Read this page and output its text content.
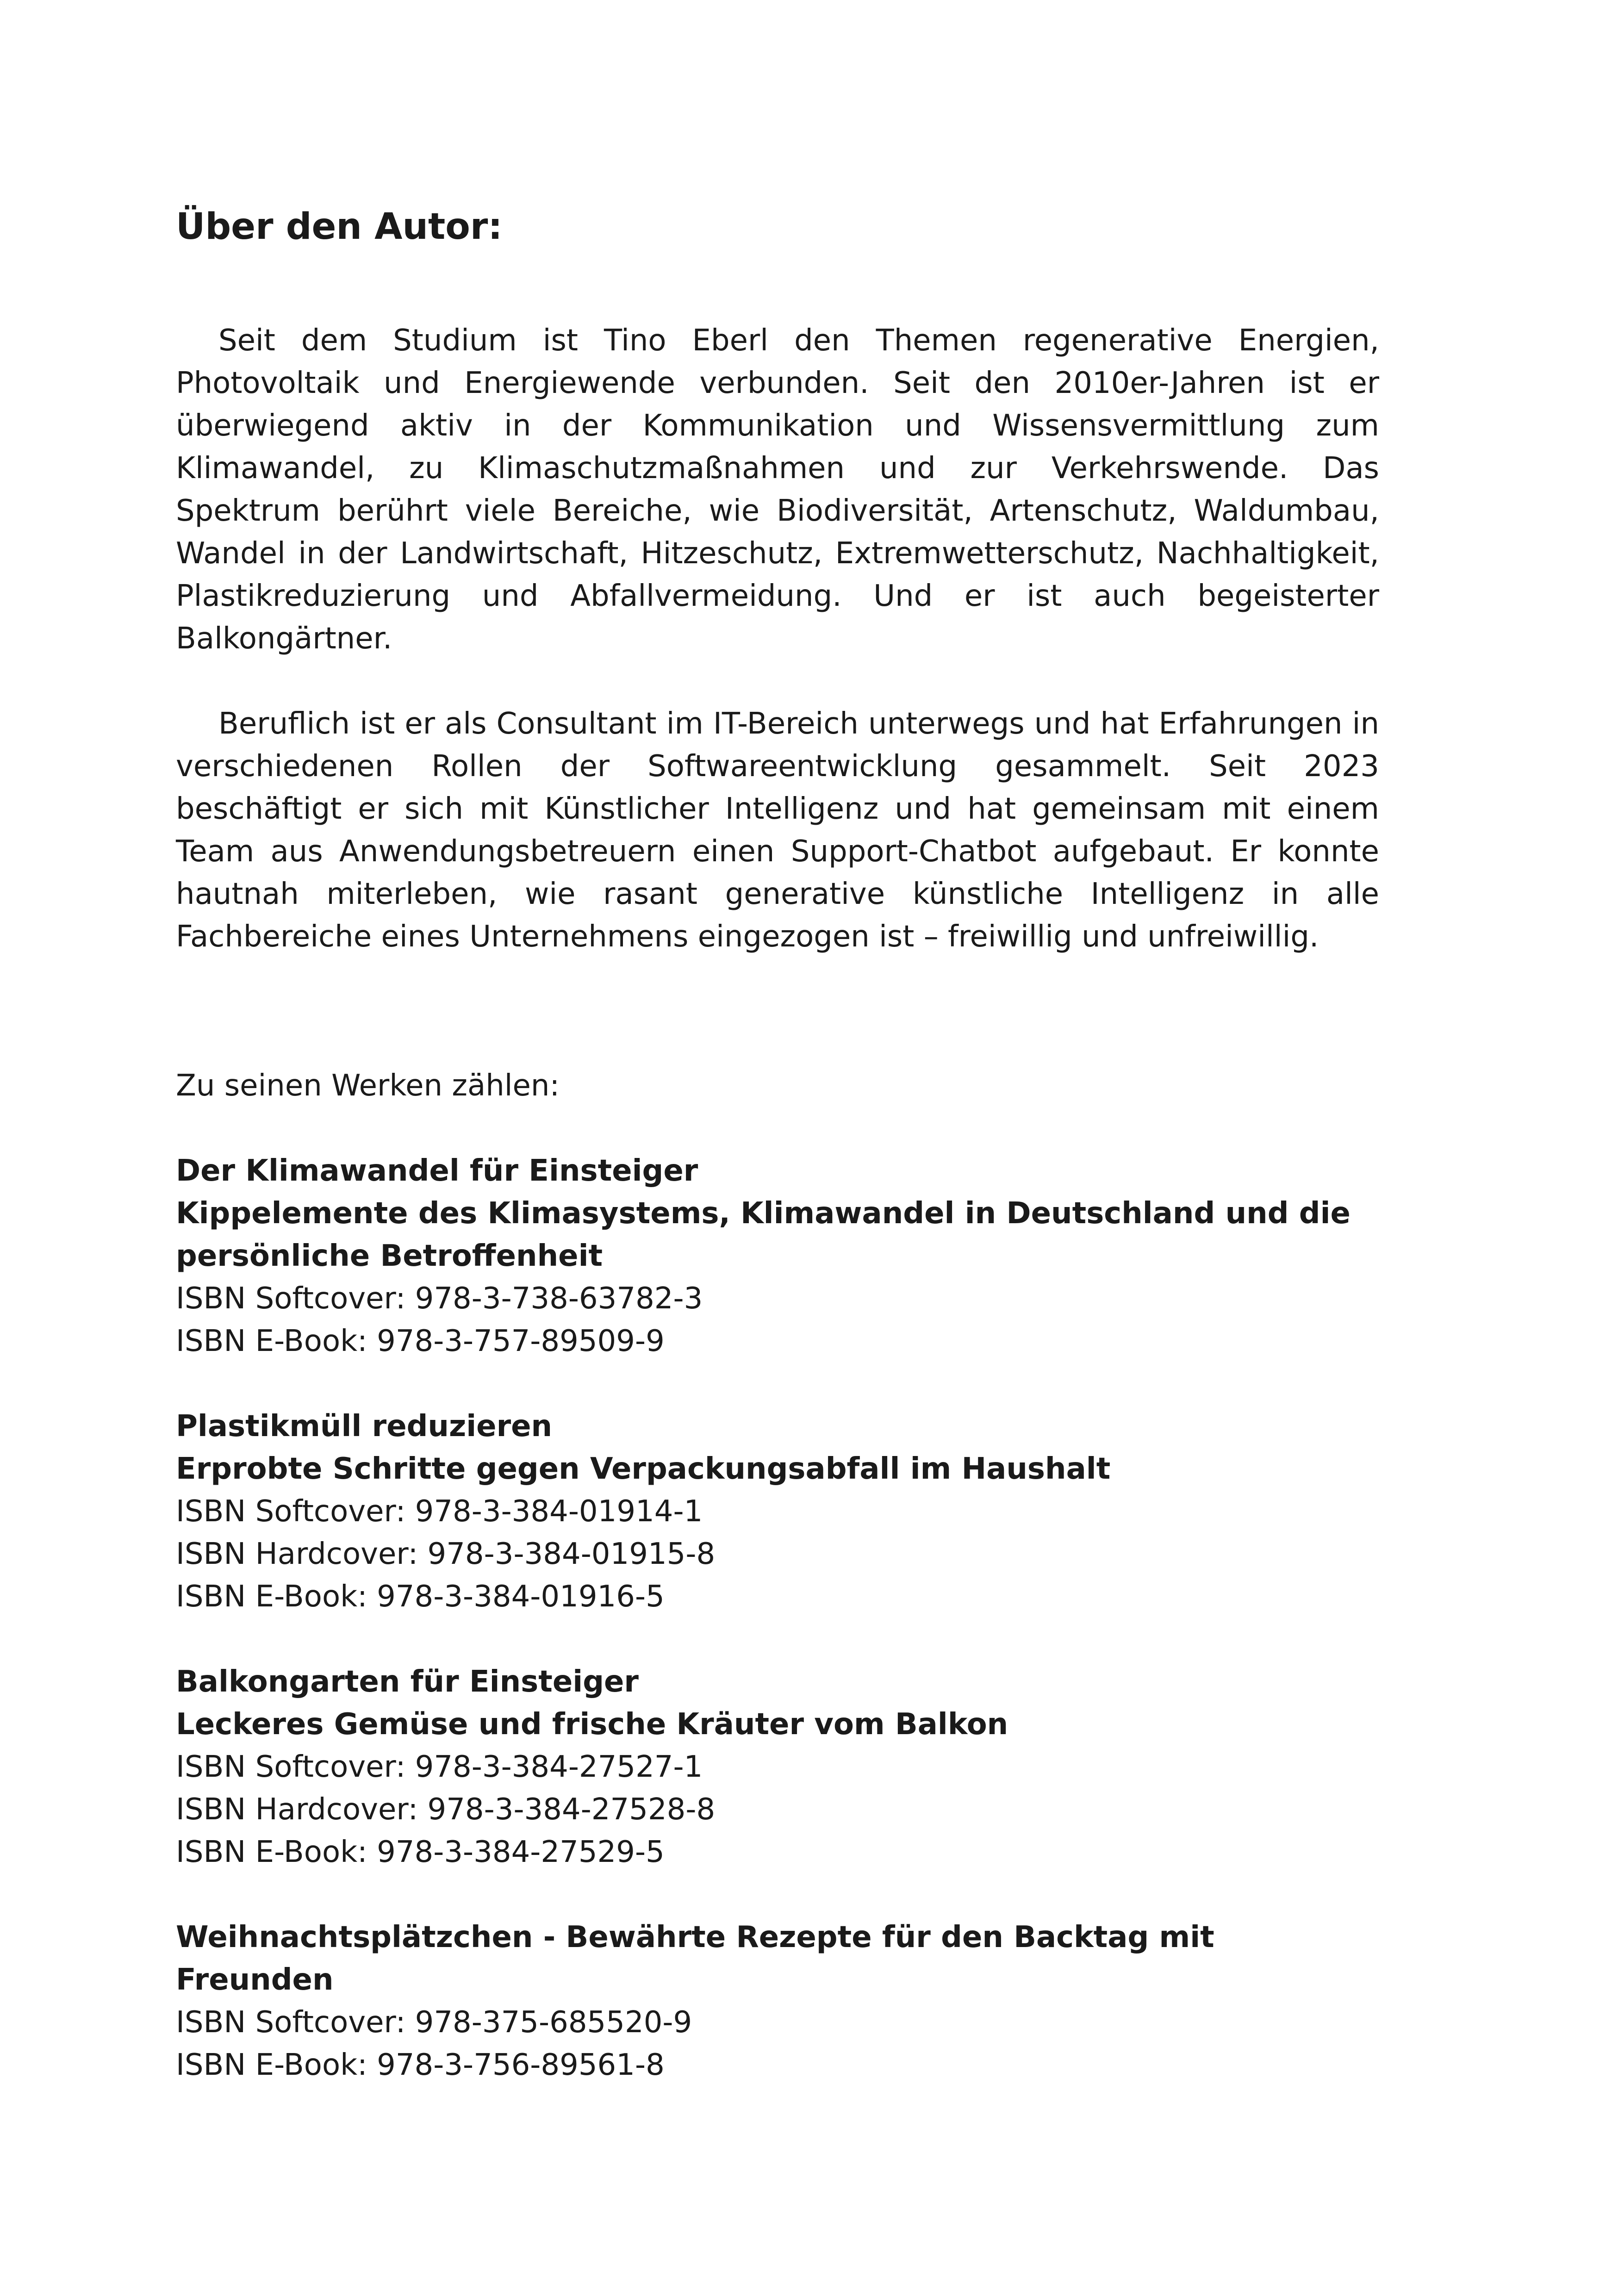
Über den Autor:

Seit dem Studium ist Tino Eberl den Themen regenerative Energien, Photovoltaik und Energiewende verbunden. Seit den 2010er-Jahren ist er überwiegend aktiv in der Kommunikation und Wissensvermittlung zum Klimawandel, zu Klimaschutzmaßnahmen und zur Verkehrswende. Das Spektrum berührt viele Bereiche, wie Biodiversität, Artenschutz, Waldumbau, Wandel in der Landwirtschaft, Hitzeschutz, Extremwetterschutz, Nachhaltigkeit, Plastikreduzierung und Abfallvermeidung. Und er ist auch begeisterter Balkongärtner.

Beruflich ist er als Consultant im IT-Bereich unterwegs und hat Erfahrungen in verschiedenen Rollen der Softwareentwicklung gesammelt. Seit 2023 beschäftigt er sich mit Künstlicher Intelligenz und hat gemeinsam mit einem Team aus Anwendungsbetreuern einen Support-Chatbot aufgebaut. Er konnte hautnah miterleben, wie rasant generative künstliche Intelligenz in alle Fachbereiche eines Unternehmens eingezogen ist – freiwillig und unfreiwillig.

Zu seinen Werken zählen:

Der Klimawandel für Einsteiger

Kippelemente des Klimasystems, Klimawandel in Deutschland und die

persönliche Betroffenheit

ISBN Softcover: 978-3-738-63782-3

ISBN E-Book: 978-3-757-89509-9

Plastikmüll reduzieren

Erprobte Schritte gegen Verpackungsabfall im Haushalt

ISBN Softcover: 978-3-384-01914-1

ISBN Hardcover: 978-3-384-01915-8

ISBN E-Book: 978-3-384-01916-5

Balkongarten für Einsteiger

Leckeres Gemüse und frische Kräuter vom Balkon

ISBN Softcover: 978-3-384-27527-1

ISBN Hardcover: 978-3-384-27528-8

ISBN E-Book: 978-3-384-27529-5

Weihnachtsplätzchen - Bewährte Rezepte für den Backtag mit Freunden

ISBN Softcover: 978-375-685520-9

ISBN E-Book: 978-3-756-89561-8
